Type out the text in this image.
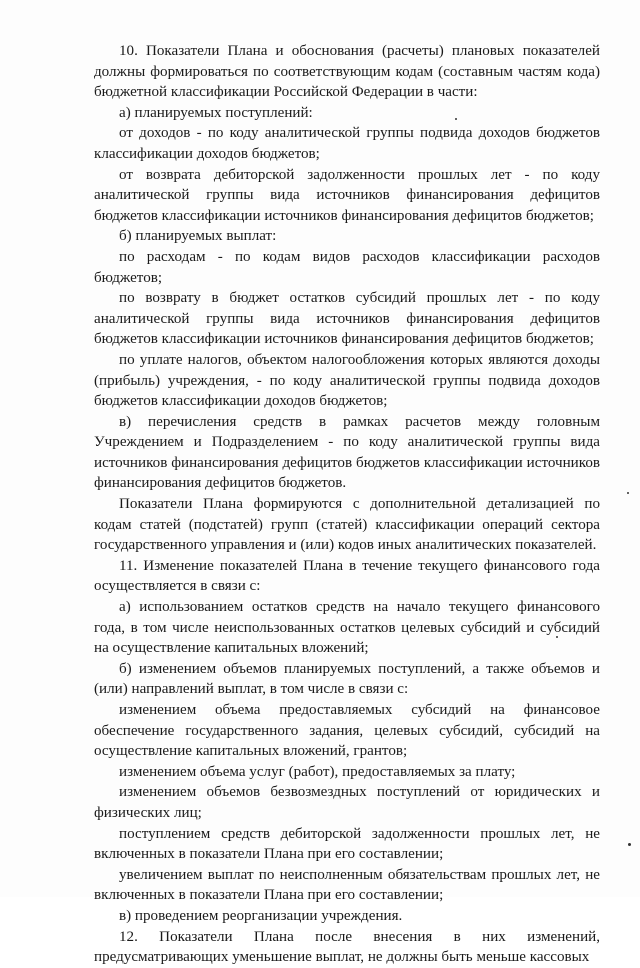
10. Показатели Плана и обоснования (расчеты) плановых показателей должны формироваться по соответствующим кодам (составным частям кода) бюджетной классификации Российской Федерации в части:

а) планируемых поступлений:

от доходов - по коду аналитической группы подвида доходов бюджетов классификации доходов бюджетов;

от возврата дебиторской задолженности прошлых лет - по коду аналитической группы вида источников финансирования дефицитов бюджетов классификации источников финансирования дефицитов бюджетов;

б) планируемых выплат:

по расходам - по кодам видов расходов классификации расходов бюджетов;

по возврату в бюджет остатков субсидий прошлых лет - по коду аналитической группы вида источников финансирования дефицитов бюджетов классификации источников финансирования дефицитов бюджетов;

по уплате налогов, объектом налогообложения которых являются доходы (прибыль) учреждения, - по коду аналитической группы подвида доходов бюджетов классификации доходов бюджетов;

в) перечисления средств в рамках расчетов между головным Учреждением и Подразделением - по коду аналитической группы вида источников финансирования дефицитов бюджетов классификации источников финансирования дефицитов бюджетов.

Показатели Плана формируются с дополнительной детализацией по кодам статей (подстатей) групп (статей) классификации операций сектора государственного управления и (или) кодов иных аналитических показателей.

11. Изменение показателей Плана в течение текущего финансового года осуществляется в связи с:

а) использованием остатков средств на начало текущего финансового года, в том числе неиспользованных остатков целевых субсидий и субсидий на осуществление капитальных вложений;

б) изменением объемов планируемых поступлений, а также объемов и (или) направлений выплат, в том числе в связи с:

изменением объема предоставляемых субсидий на финансовое обеспечение государственного задания, целевых субсидий, субсидий на осуществление капитальных вложений, грантов;

изменением объема услуг (работ), предоставляемых за плату;

изменением объемов безвозмездных поступлений от юридических и физических лиц;

поступлением средств дебиторской задолженности прошлых лет, не включенных в показатели Плана при его составлении;

увеличением выплат по неисполненным обязательствам прошлых лет, не включенных в показатели Плана при его составлении;

в) проведением реорганизации учреждения.

12. Показатели Плана после внесения в них изменений, предусматривающих уменьшение выплат, не должны быть меньше кассовых
